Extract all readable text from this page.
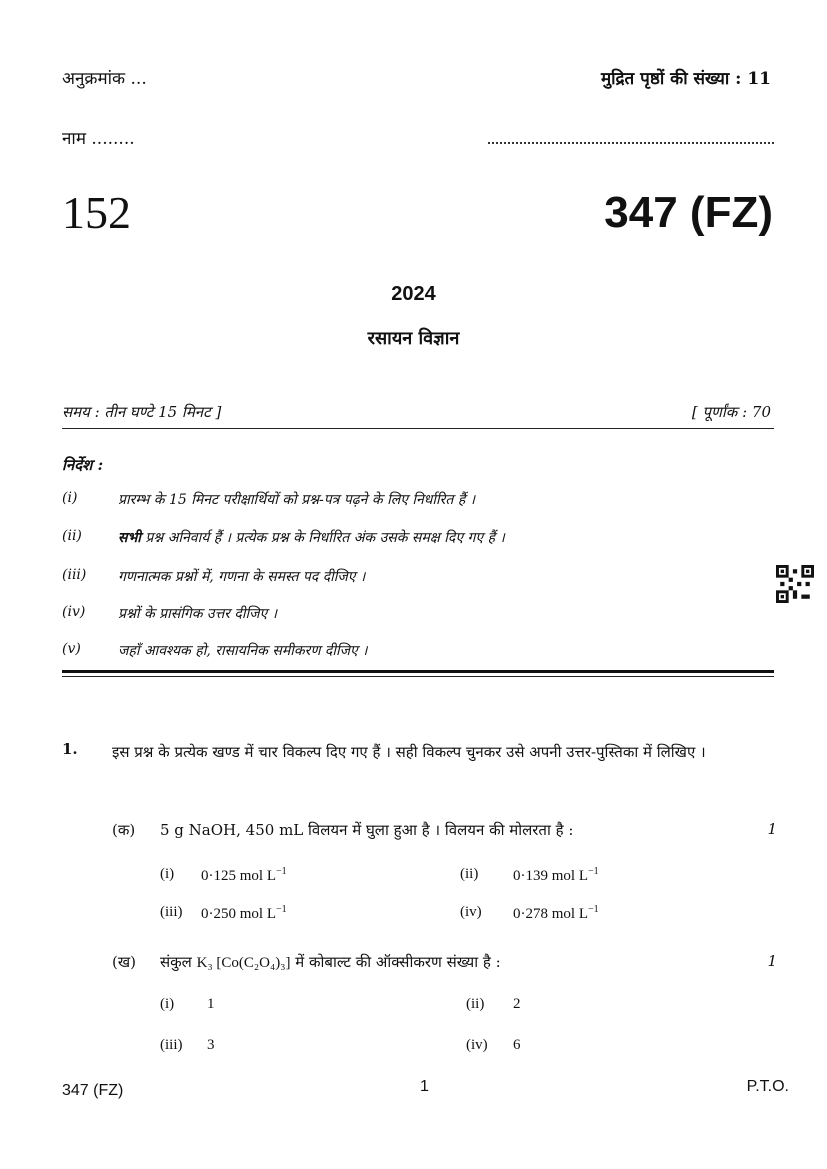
अनुक्रमांक ...	मुद्रित पृष्ठों की संख्या : 11
नाम ........
152	347 (FZ)
2024
रसायन विज्ञान
समय : तीन घण्टे 15 मिनट ]	[ पूर्णांक : 70
निर्देश :
(i)	प्रारम्भ के 15 मिनट परीक्षार्थियों को प्रश्न-पत्र पढ़ने के लिए निर्धारित हैं ।
(ii)	सभी प्रश्न अनिवार्य हैं । प्रत्येक प्रश्न के निर्धारित अंक उसके समक्ष दिए गए हैं ।
(iii) गणनात्मक प्रश्नों में, गणना के समस्त पद दीजिए ।
(iv) प्रश्नों के प्रासंगिक उत्तर दीजिए ।
(v)	जहाँ आवश्यक हो, रासायनिक समीकरण दीजिए ।
1. इस प्रश्न के प्रत्येक खण्ड में चार विकल्प दिए गए हैं । सही विकल्प चुनकर उसे अपनी उत्तर-पुस्तिका में लिखिए ।
(क) 5 g NaOH, 450 mL विलयन में घुला हुआ है । विलयन की मोलरता है :	1
(i) 0·125 mol $L^{-1}$	(ii) 0·139 mol $L^{-1}$
(iii) 0·250 mol $L^{-1}$	(iv) 0·278 mol $L^{-1}$
(ख) संकुल K₃ [Co(C₂O₄)₃] में कोबाल्ट की ऑक्सीकरण संख्या है :	1
(i) 1	(ii) 2
(iii) 3	(iv) 6
347 (FZ)	1	P.T.O.
